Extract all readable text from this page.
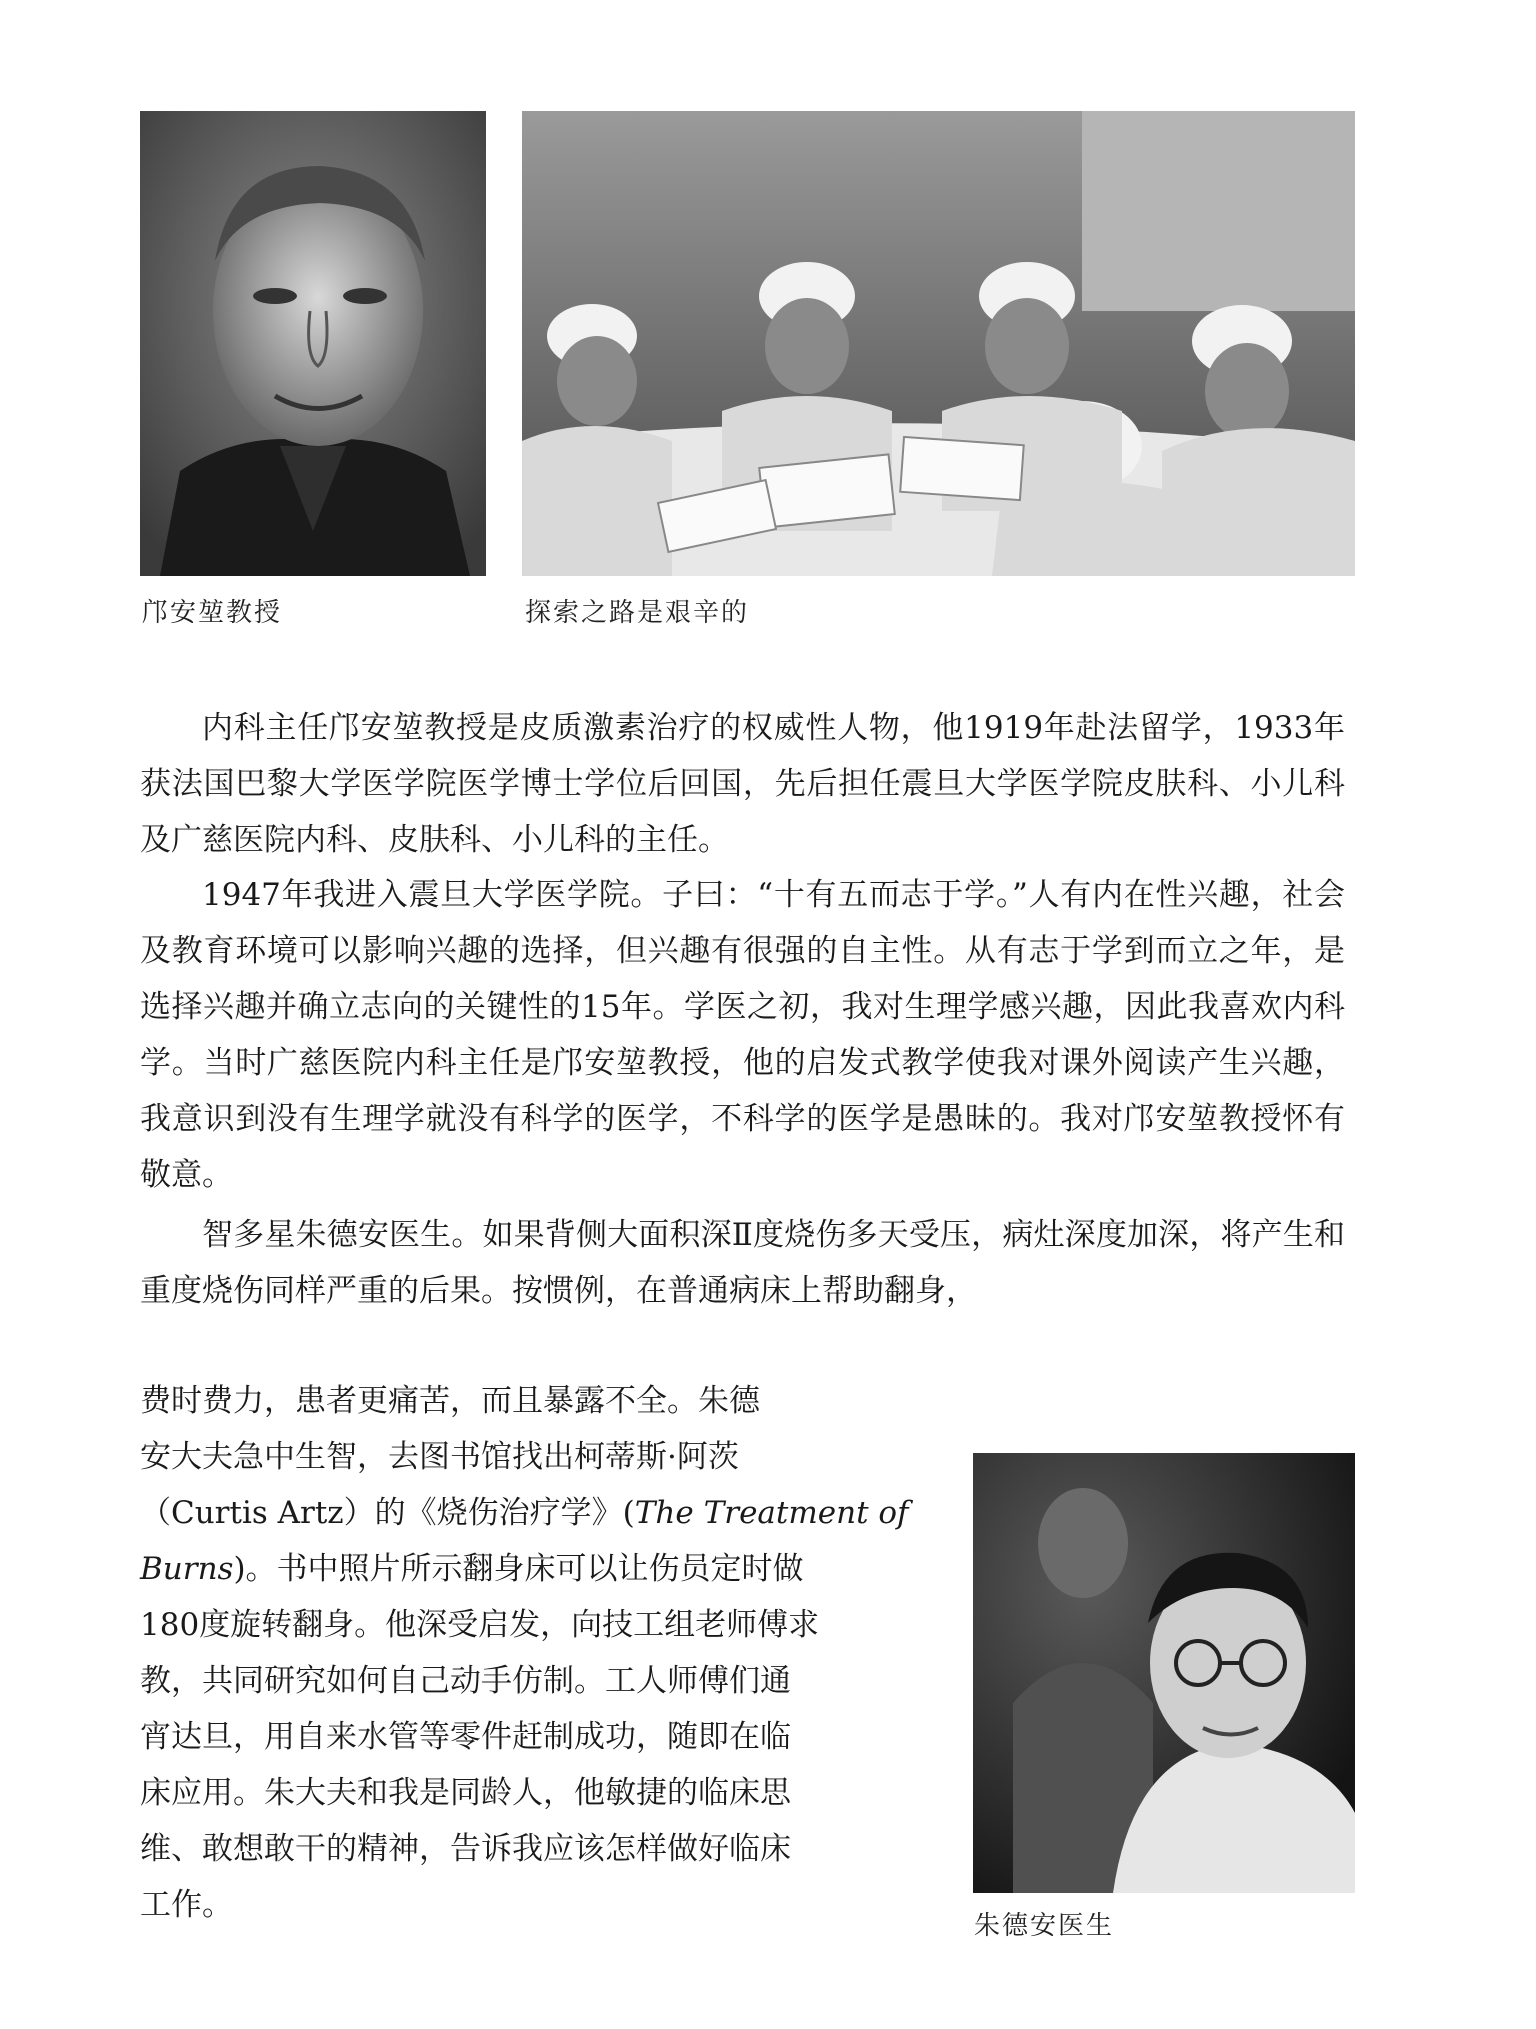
邝安堃教授	探索之路是艰辛的

内科主任邝安堃教授是皮质激素治疗的权威性人物，他1919年赴法留学，1933年获法国巴黎大学医学院医学博士学位后回国，先后担任震旦大学医学院皮肤科、小儿科及广慈医院内科、皮肤科、小儿科的主任。

1947年我进入震旦大学医学院。子曰：“十有五而志于学。”人有内在性兴趣，社会及教育环境可以影响兴趣的选择，但兴趣有很强的自主性。从有志于学到而立之年，是选择兴趣并确立志向的关键性的15年。学医之初，我对生理学感兴趣，因此我喜欢内科学。当时广慈医院内科主任是邝安堃教授，他的启发式教学使我对课外阅读产生兴趣，我意识到没有生理学就没有科学的医学，不科学的医学是愚昧的。我对邝安堃教授怀有敬意。

智多星朱德安医生。如果背侧大面积深Ⅱ度烧伤多天受压，病灶深度加深，将产生和重度烧伤同样严重的后果。按惯例，在普通病床上帮助翻身，

费时费力，患者更痛苦，而且暴露不全。朱德
安大夫急中生智，去图书馆找出柯蒂斯·阿茨
（Curtis Artz）的《烧伤治疗学》(The Treatment of
Burns)。书中照片所示翻身床可以让伤员定时做
180度旋转翻身。他深受启发，向技工组老师傅求
教，共同研究如何自己动手仿制。工人师傅们通
宵达旦，用自来水管等零件赶制成功，随即在临
床应用。朱大夫和我是同龄人，他敏捷的临床思
维、敢想敢干的精神，告诉我应该怎样做好临床
工作。
朱德安医生
